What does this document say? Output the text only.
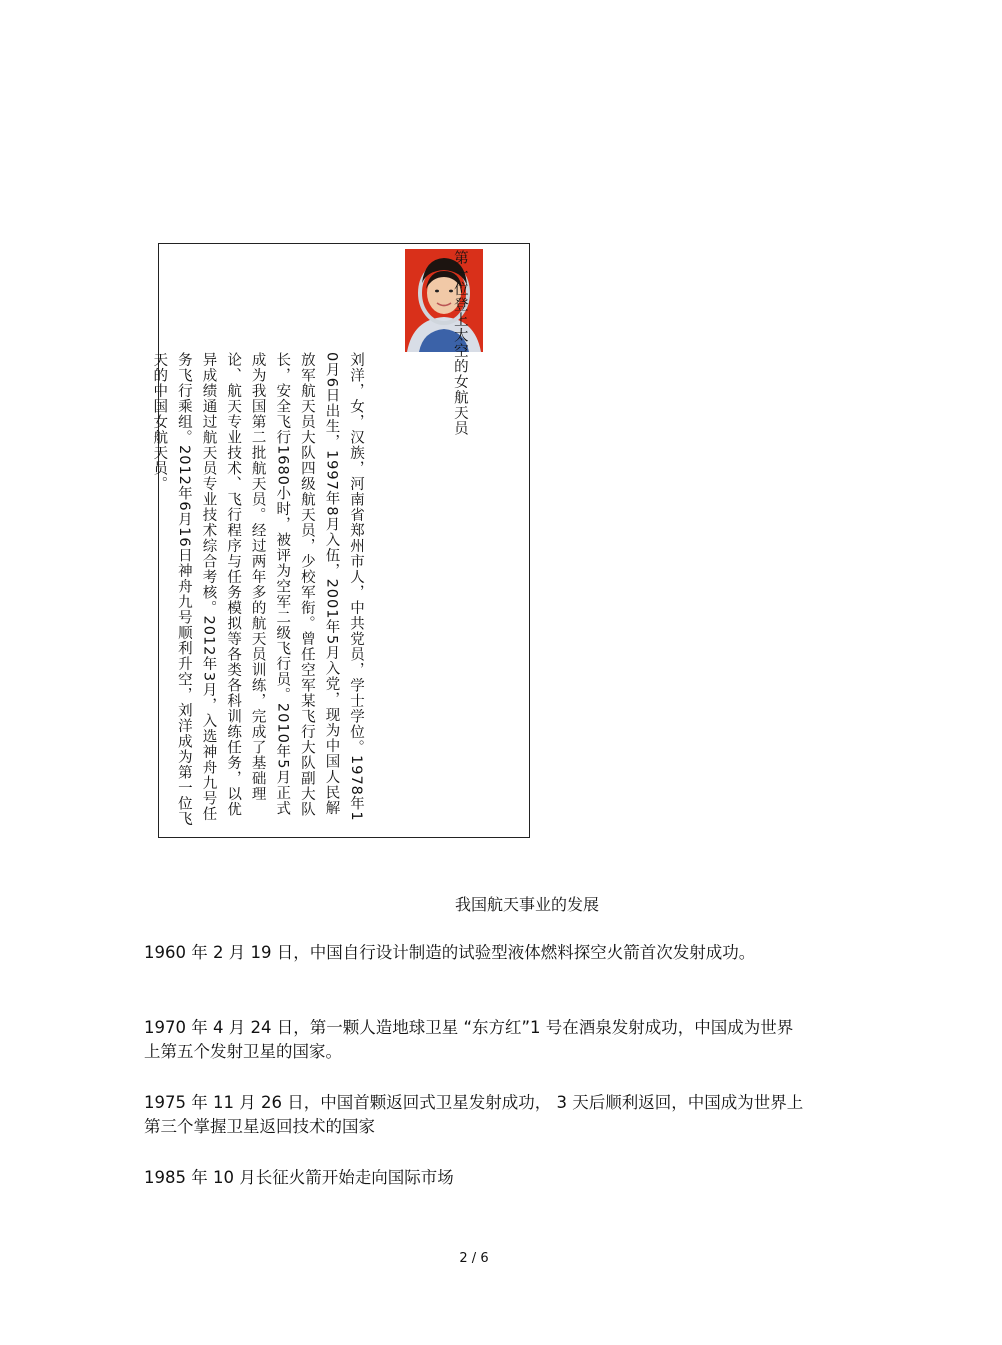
第一位登上太空的女航天员

刘洋，女，汉族，河南省郑州市人，中共党员，学士学位。1978年10月6日出生，1997年8月入伍，2001年5月入党，现为中国人民解放军航天员大队四级航天员，少校军衔。曾任空军某飞行大队副大队长，安全飞行1680小时，被评为空军二级飞行员。2010年5月正式成为我国第二批航天员。经过两年多的航天员训练，完成了基础理论、航天专业技术、飞行程序与任务模拟等各类各科训练任务，以优异成绩通过航天员专业技术综合考核。2012年3月，入选神舟九号任务飞行乘组。2012年6月16日神舟九号顺利升空，刘洋成为第一位飞天的中国女航天员。

我国航天事业的发展
1960 年 2 月 19 日，中国自行设计制造的试验型液体燃料探空火箭首次发射成功。
1970 年 4 月 24 日，第一颗人造地球卫星 “东方红”1 号在酒泉发射成功，中国成为世界上第五个发射卫星的国家。
1975 年 11 月 26 日，中国首颗返回式卫星发射成功， 3 天后顺利返回，中国成为世界上第三个掌握卫星返回技术的国家
1985 年 10 月长征火箭开始走向国际市场
2 / 6
